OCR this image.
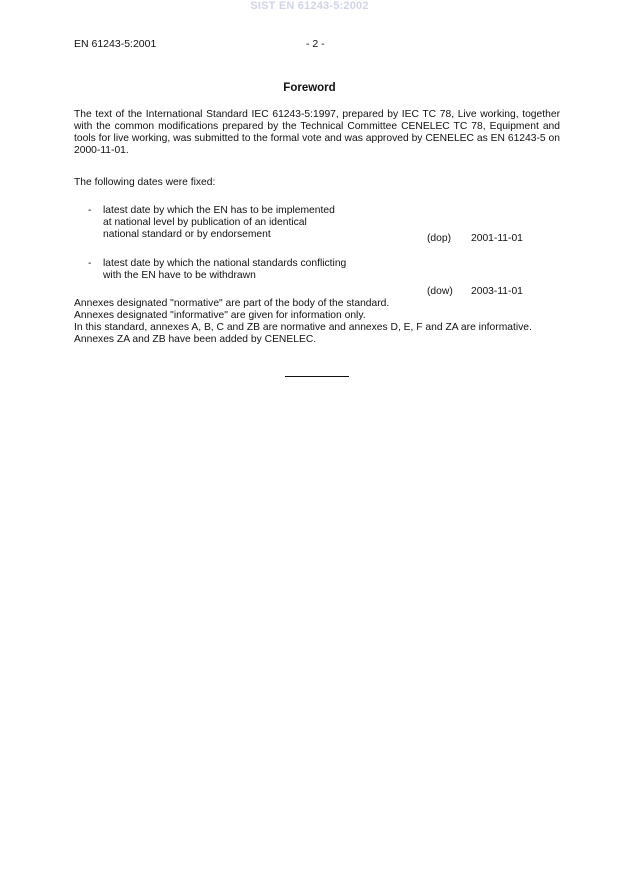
SIST EN 61243-5:2002
EN 61243-5:2001	- 2 -
Foreword
The text of the International Standard IEC 61243-5:1997, prepared by IEC TC 78, Live working, together with the common modifications prepared by the Technical Committee CENELEC TC 78, Equipment and tools for live working, was submitted to the formal vote and was approved by CENELEC as EN 61243-5 on 2000-11-01.
The following dates were fixed:
- latest date by which the EN has to be implemented
at national level by publication of an identical
national standard or by endorsement	(dop) 2001-11-01
- latest date by which the national standards conflicting
with the EN have to be withdrawn
(dow) 2003-11-01
Annexes designated "normative" are part of the body of the standard.
Annexes designated "informative" are given for information only.
In this standard, annexes A, B, C and ZB are normative and annexes D, E, F and ZA are informative.
Annexes ZA and ZB have been added by CENELEC.
